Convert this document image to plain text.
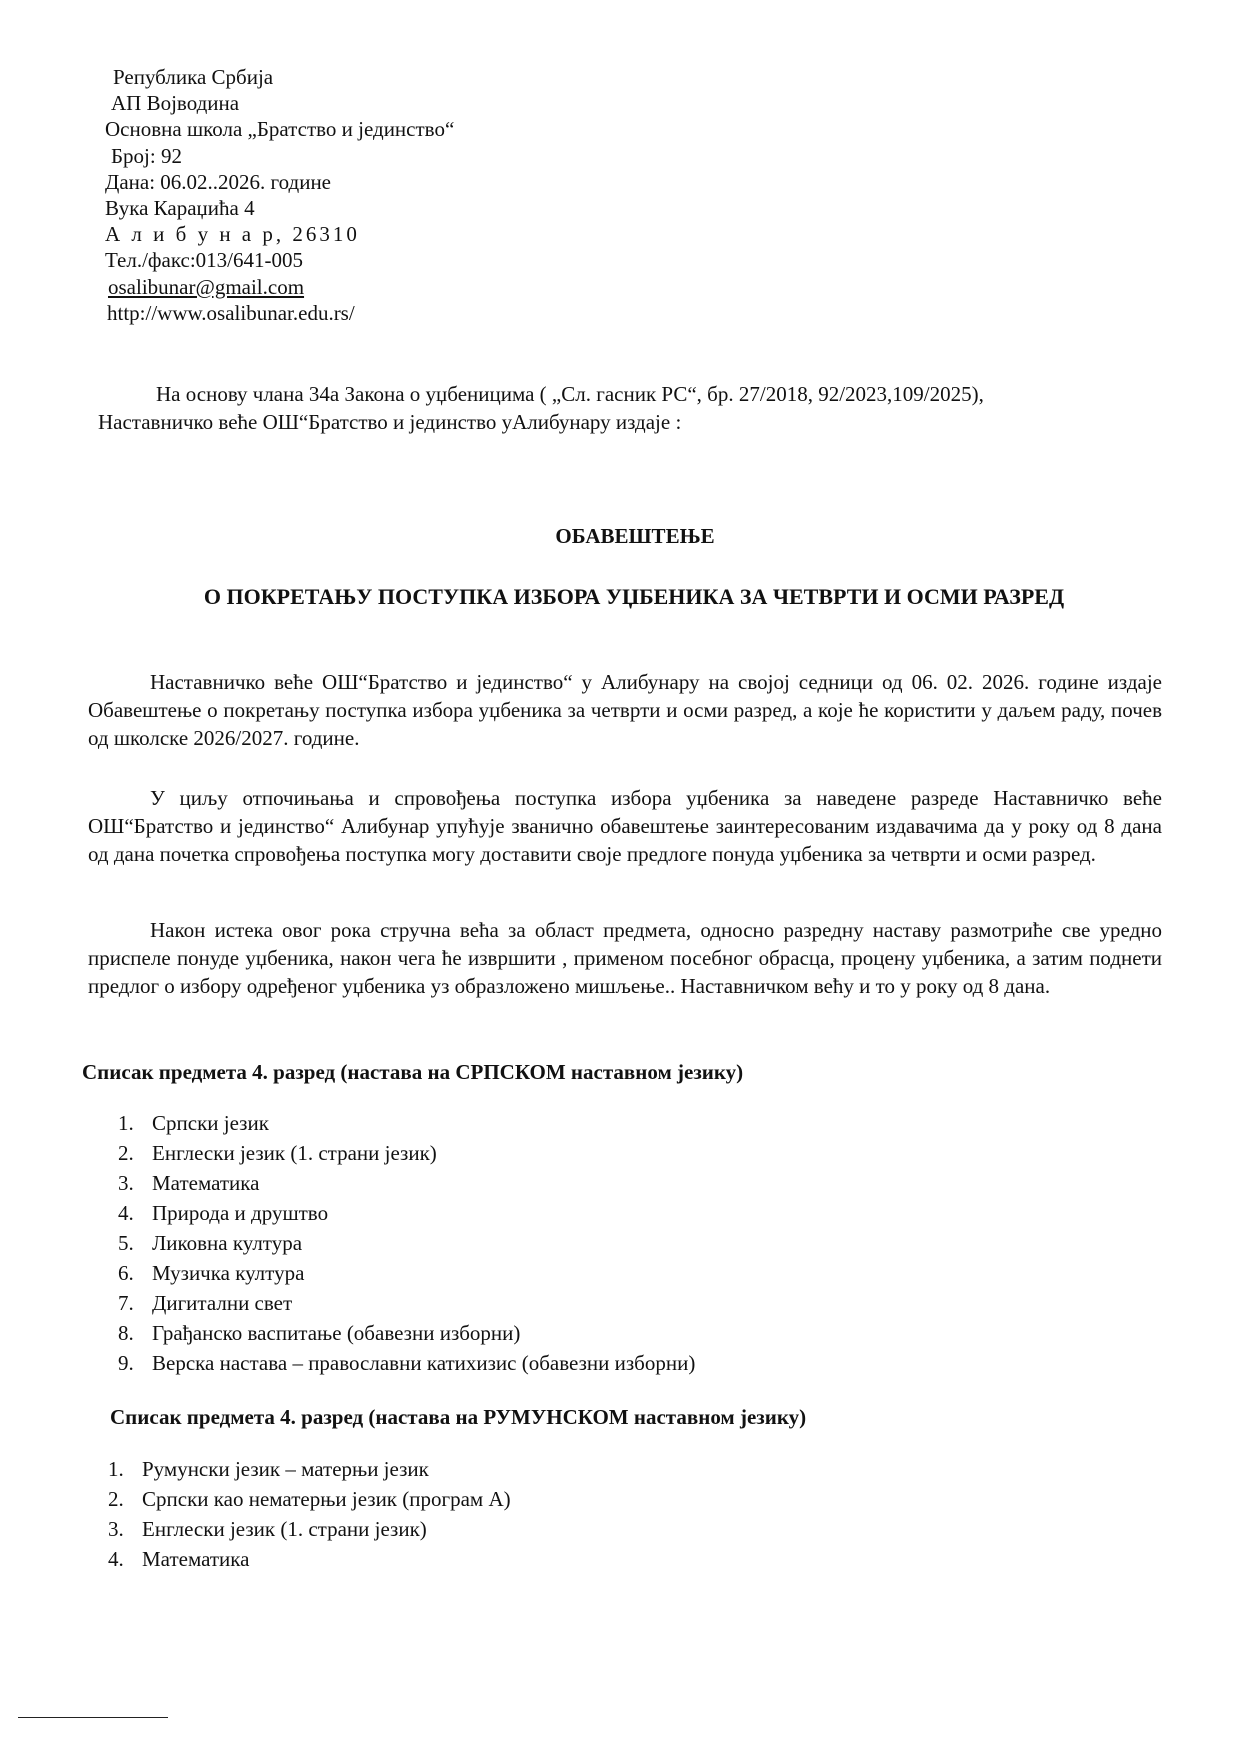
Република Србија
АП Војводина
Основна школа „Братство и јединство“
Број: 92
Дана: 06.02..2026. године
Вука Караџића 4
А л и б у н а р, 26310
Тел./факс:013/641-005
osalibunar@gmail.com
http://www.osalibunar.edu.rs/
На основу члана 34а Закона о уџбеницима ( „Сл. гасник РС“, бр. 27/2018, 92/2023,109/2025),
Наставничко веће ОШ“Братство и јединство уАлибунару издаје :
ОБАВЕШТЕЊЕ
О ПОКРЕТАЊУ ПОСТУПКА ИЗБОРА УЏБЕНИКА ЗА ЧЕТВРТИ И ОСМИ РАЗРЕД
Наставничко веће ОШ“Братство и јединство“ у Алибунару на својој седници од 06. 02. 2026. године издаје Обавештење о покретању поступка избора уџбеника за четврти и осми разред, а које ће користити у даљем раду, почев од школске 2026/2027. године.
У циљу отпочињања и спровођења поступка избора уџбеника за наведене разреде Наставничко веће ОШ“Братство и јединство“ Алибунар упућује званично обавештење заинтересованим издавачима да у року од 8 дана од дана почетка спровођења поступка могу доставити своје предлоге понуда уџбеника за четврти и осми разред.
Након истека овог рока стручна већа за област предмета, односно разредну наставу размотриће све уредно приспеле понуде уџбеника, након чега ће извршити , применом посебног обрасца, процену уџбеника, а затим поднети предлог о избору одређеног уџбеника уз образложено мишљење.. Наставничком већу и то у року од 8 дана.
Списак предмета 4. разред (настава на СРПСКОМ наставном језику)
1. Српски језик
2. Енглески језик (1. страни језик)
3. Математика
4. Природа и друштво
5. Ликовна култура
6. Музичка култура
7. Дигитални свет
8. Грађанско васпитање (обавезни изборни)
9. Верска настава – православни катихизис (обавезни изборни)
Списак предмета 4. разред (настава на РУМУНСКОМ наставном језику)
1. Румунски језик – матерњи језик
2. Српски као нематерњи језик (програм А)
3. Енглески језик (1. страни језик)
4. Математика
